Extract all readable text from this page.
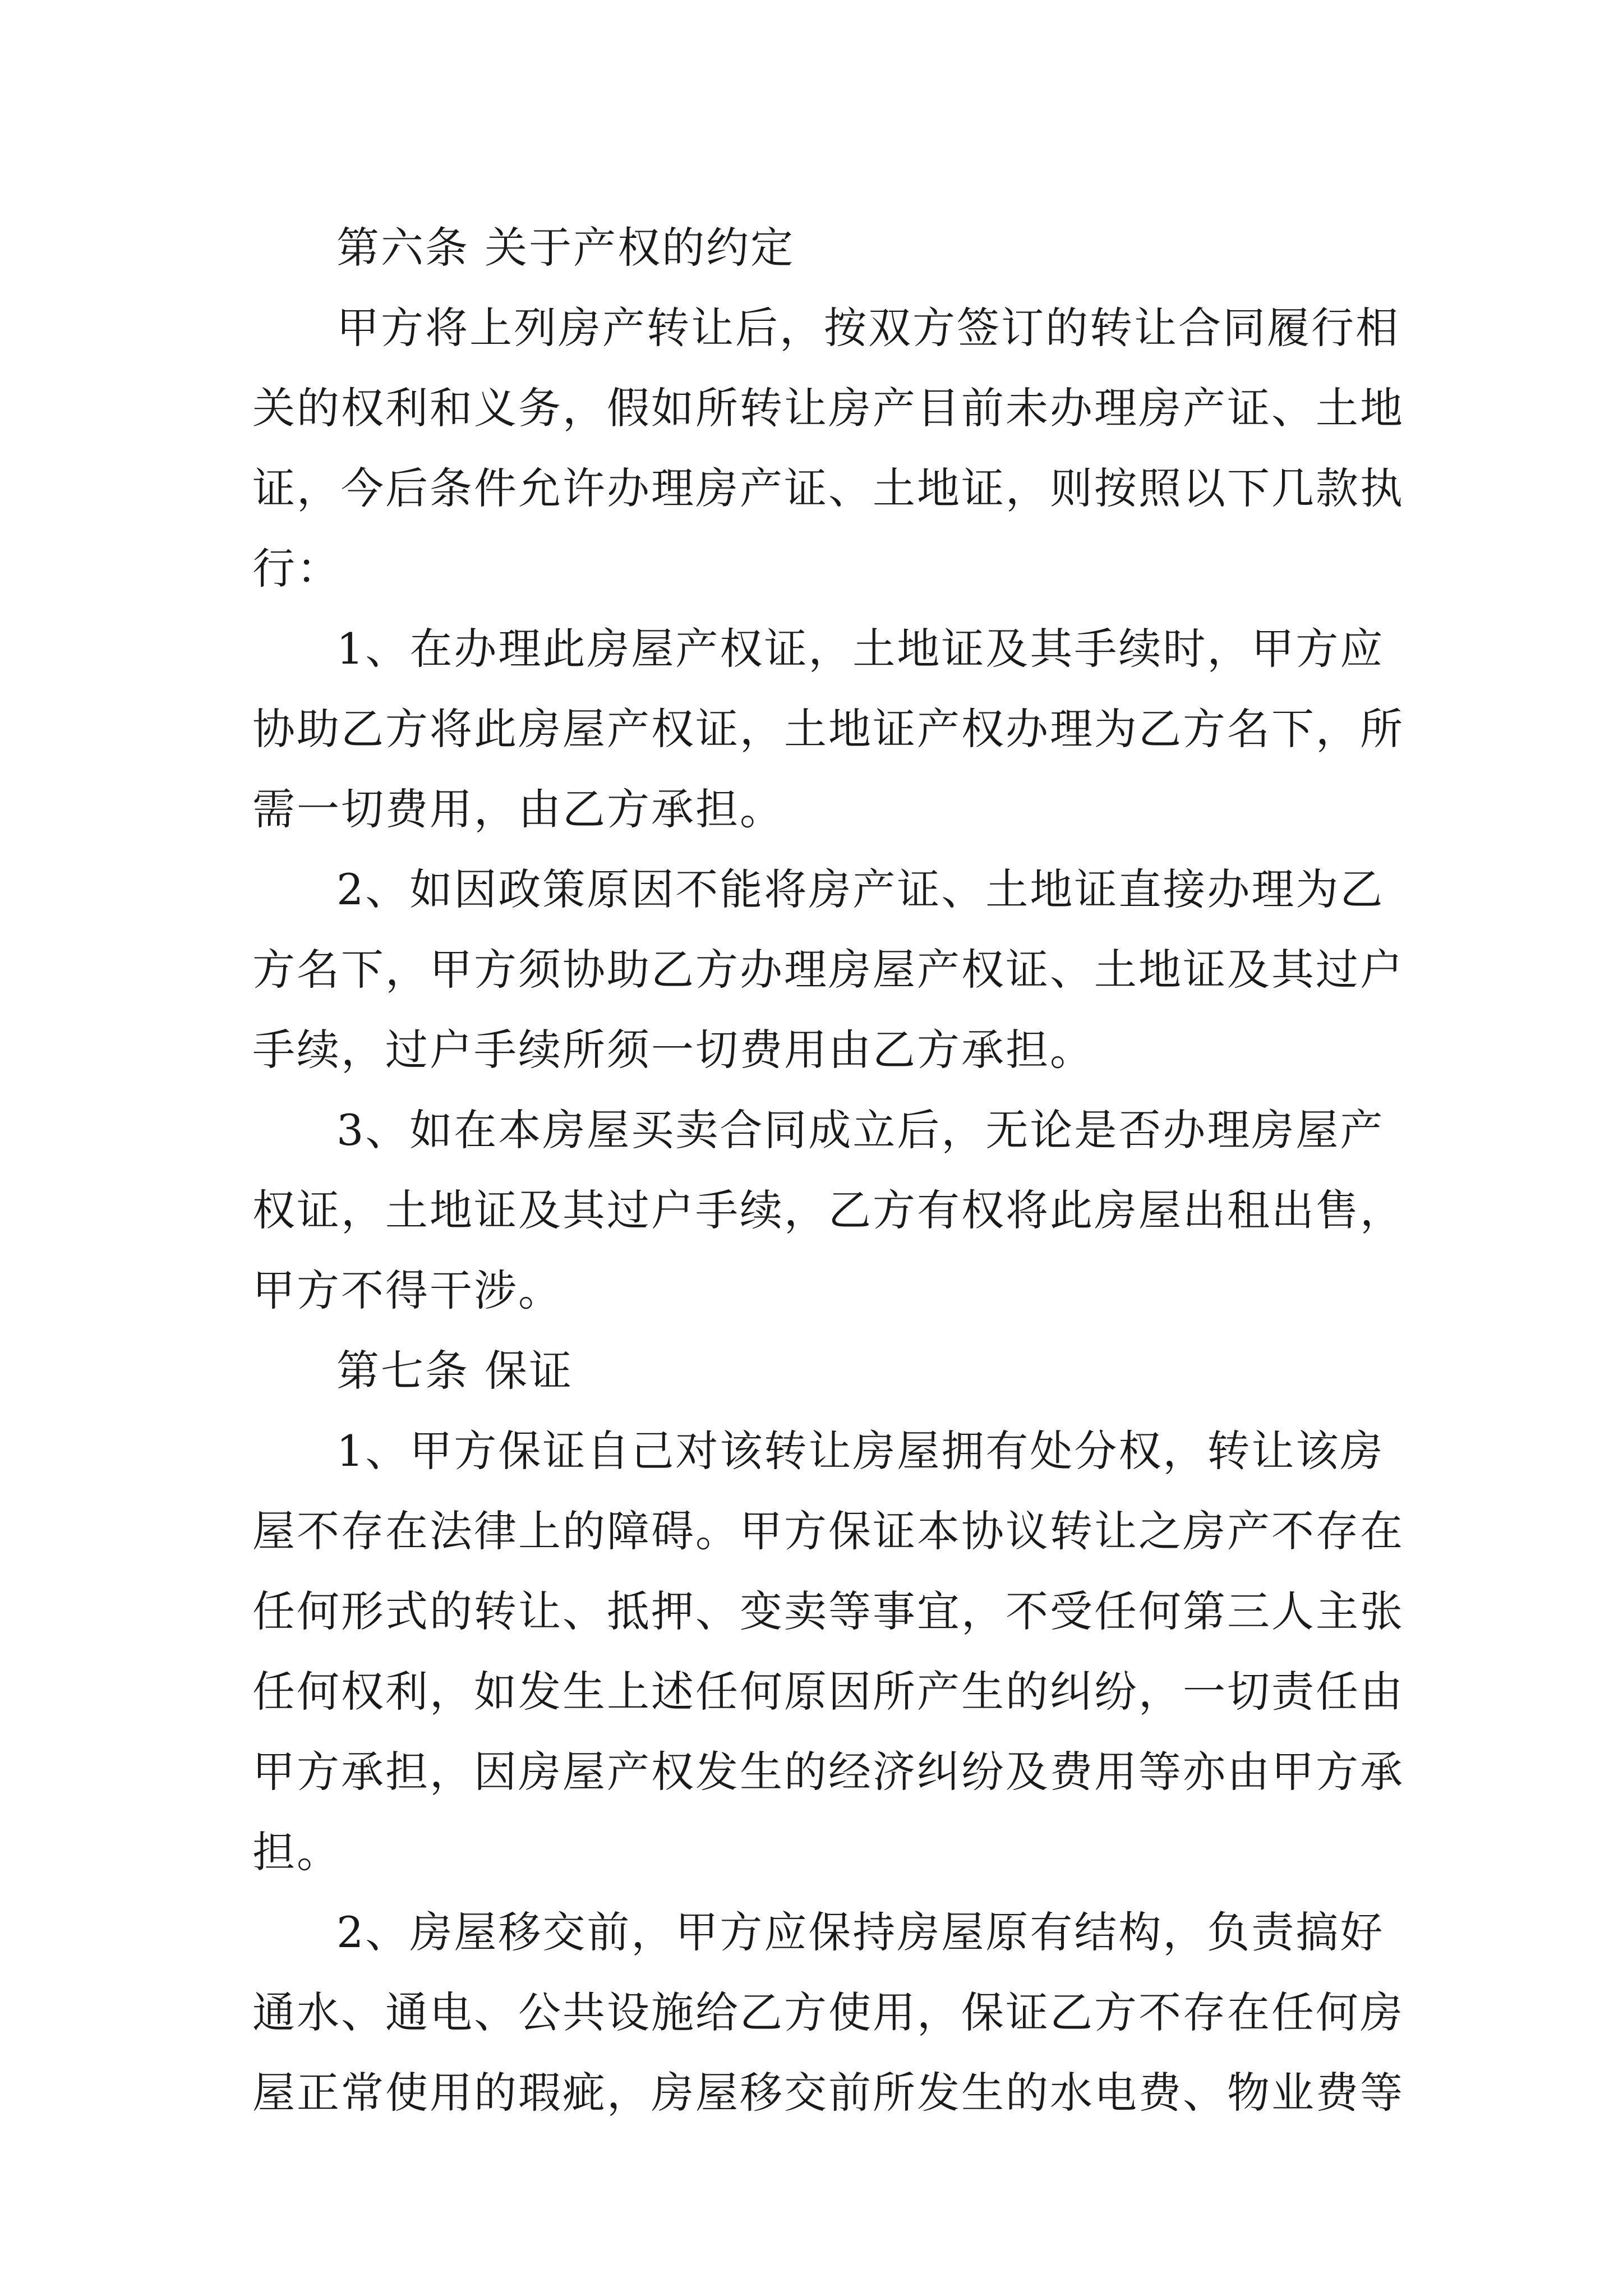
第六条 关于产权的约定
甲方将上列房产转让后，按双方签订的转让合同履行相
关的权利和义务，假如所转让房产目前未办理房产证、土地
证，今后条件允许办理房产证、土地证，则按照以下几款执
行：
1、在办理此房屋产权证，土地证及其手续时，甲方应
协助乙方将此房屋产权证，土地证产权办理为乙方名下，所
需一切费用，由乙方承担。
2、如因政策原因不能将房产证、土地证直接办理为乙
方名下，甲方须协助乙方办理房屋产权证、土地证及其过户
手续，过户手续所须一切费用由乙方承担。
3、如在本房屋买卖合同成立后，无论是否办理房屋产
权证，土地证及其过户手续，乙方有权将此房屋出租出售，
甲方不得干涉。
第七条 保证
1、甲方保证自己对该转让房屋拥有处分权，转让该房
屋不存在法律上的障碍。甲方保证本协议转让之房产不存在
任何形式的转让、抵押、变卖等事宜，不受任何第三人主张
任何权利，如发生上述任何原因所产生的纠纷，一切责任由
甲方承担，因房屋产权发生的经济纠纷及费用等亦由甲方承
担。
2、房屋移交前，甲方应保持房屋原有结构，负责搞好
通水、通电、公共设施给乙方使用，保证乙方不存在任何房
屋正常使用的瑕疵，房屋移交前所发生的水电费、物业费等
